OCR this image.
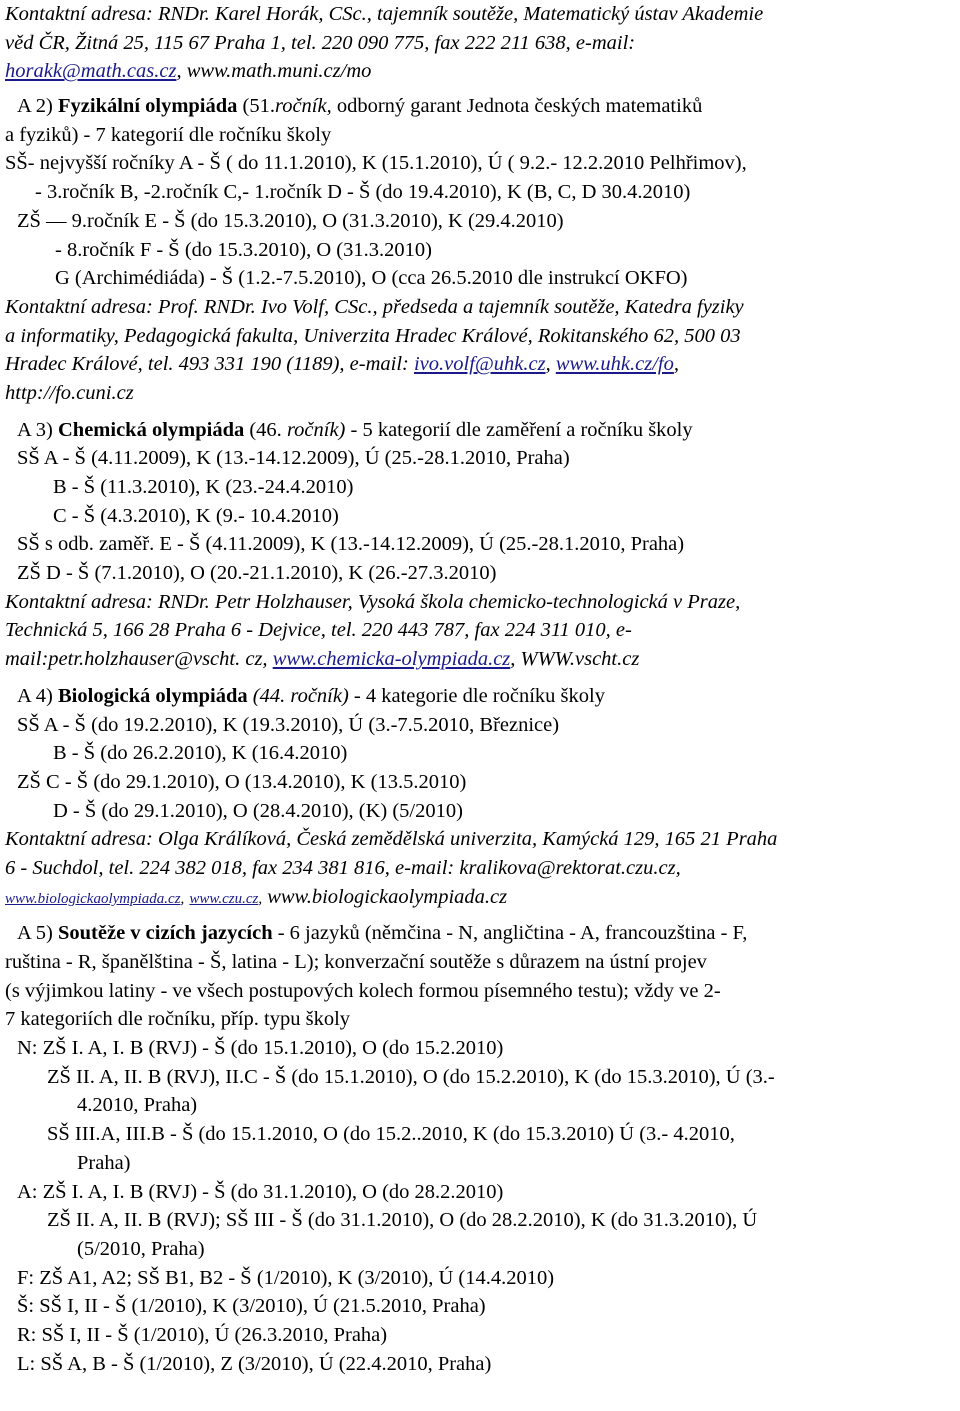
Kontaktní adresa: RNDr. Karel Horák, CSc., tajemník soutěže, Matematický ústav Akademie
věd ČR, Žitná 25, 115 67 Praha 1, tel. 220 090 775, fax 222 211 638, e-mail:
horakk@math.cas.cz, www.math.muni.cz/mo
A 2) Fyzikální olympiáda (51.ročník, odborný garant Jednota českých matematiků
a fyziků) - 7 kategorií dle ročníku školy
SŠ- nejvyšší ročníky A - Š ( do 11.1.2010), K (15.1.2010), Ú ( 9.2.- 12.2.2010 Pelhřimov),
- 3.ročník B, -2.ročník C,- 1.ročník D - Š (do 19.4.2010), K (B, C, D 30.4.2010)
ZŠ — 9.ročník E - Š (do 15.3.2010), O (31.3.2010), K (29.4.2010)
- 8.ročník F - Š (do 15.3.2010), O (31.3.2010)
G (Archimédiáda) - Š (1.2.-7.5.2010), O (cca 26.5.2010 dle instrukcí OKFO)
Kontaktní adresa: Prof. RNDr. Ivo Volf, CSc., předseda a tajemník soutěže, Katedra fyziky
a informatiky, Pedagogická fakulta, Univerzita Hradec Králové, Rokitanského 62, 500 03
Hradec Králové, tel. 493 331 190 (1189), e-mail: ivo.volf@uhk.cz, www.uhk.cz/fo,
http://fo.cuni.cz
A 3) Chemická olympiáda (46. ročník) - 5 kategorií dle zaměření a ročníku školy
SŠ A - Š (4.11.2009), K (13.-14.12.2009), Ú (25.-28.1.2010, Praha)
B - Š (11.3.2010), K (23.-24.4.2010)
C - Š (4.3.2010), K (9.- 10.4.2010)
SŠ s odb. zaměř. E - Š (4.11.2009), K (13.-14.12.2009), Ú (25.-28.1.2010, Praha)
ZŠ D - Š (7.1.2010), O (20.-21.1.2010), K (26.-27.3.2010)
Kontaktní adresa: RNDr. Petr Holzhauser, Vysoká škola chemicko-technologická v Praze,
Technická 5, 166 28 Praha 6 - Dejvice, tel. 220 443 787, fax 224 311 010, e-
mail:petr.holzhauser@vscht. cz, www.chemicka-olympiada.cz, WWW.vscht.cz
A 4) Biologická olympiáda (44. ročník) - 4 kategorie dle ročníku školy
SŠ A - Š (do 19.2.2010), K (19.3.2010), Ú (3.-7.5.2010, Březnice)
B - Š (do 26.2.2010), K (16.4.2010)
ZŠ C - Š (do 29.1.2010), O (13.4.2010), K (13.5.2010)
D - Š (do 29.1.2010), O (28.4.2010), (K) (5/2010)
Kontaktní adresa: Olga Králíková, Česká zemědělská univerzita, Kamýcká 129, 165 21 Praha
6 - Suchdol, tel. 224 382 018, fax 234 381 816, e-mail: kralikova@rektorat.czu.cz,
www.biologickaolympiada.cz, www.czu.cz, www.biologickaolympiada.cz
A 5) Soutěže v cizích jazycích - 6 jazyků (němčina - N, angličtina - A, francouzština - F,
ruština - R, španělština - Š, latina - L); konverzační soutěže s důrazem na ústní projev
(s výjimkou latiny - ve všech postupových kolech formou písemného testu); vždy ve 2-
7 kategoriích dle ročníku, příp. typu školy
N: ZŠ I. A, I. B (RVJ) - Š (do 15.1.2010), O (do 15.2.2010)
ZŠ II. A, II. B (RVJ), II.C - Š (do 15.1.2010), O (do 15.2.2010), K (do 15.3.2010), Ú (3.-
4.2010, Praha)
SŠ III.A, III.B - Š (do 15.1.2010, O (do 15.2..2010, K (do 15.3.2010) Ú (3.- 4.2010,
Praha)
A: ZŠ I. A, I. B (RVJ) - Š (do 31.1.2010), O (do 28.2.2010)
ZŠ II. A, II. B (RVJ); SŠ III - Š (do 31.1.2010), O (do 28.2.2010), K (do 31.3.2010), Ú
(5/2010, Praha)
F: ZŠ A1, A2; SŠ B1, B2 - Š (1/2010), K (3/2010), Ú (14.4.2010)
Š: SŠ I, II - Š (1/2010), K (3/2010), Ú (21.5.2010, Praha)
R: SŠ I, II - Š (1/2010), Ú (26.3.2010, Praha)
L: SŠ A, B - Š (1/2010), Z (3/2010), Ú (22.4.2010, Praha)
